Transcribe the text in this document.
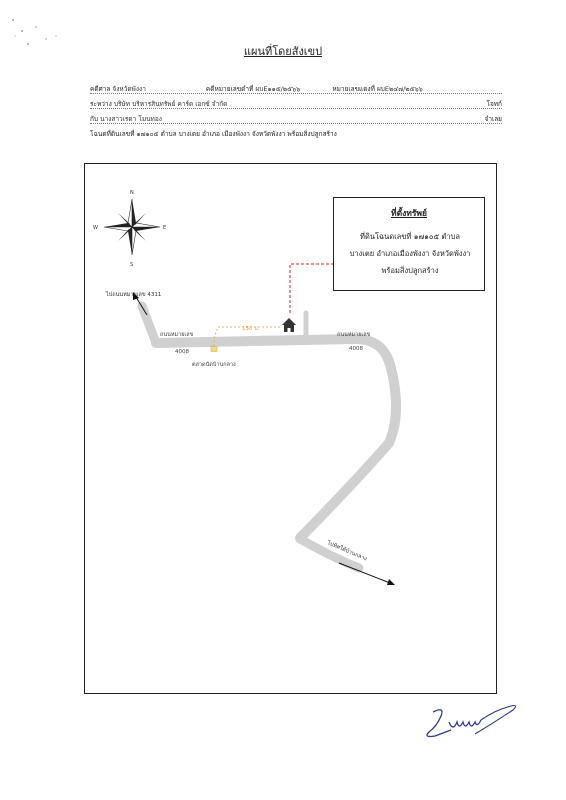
แผนที่โดยสังเขป
คดีศาล จังหวัดพังงา	คดีหมายเลขดำที่ ผบE๑๑๕/๒๕๖๖	หมายเลขแดงที่ ผบE๒๔๗/๒๕๖๖
ระหว่าง บริษัท บริหารสินทรัพย์ คาร์ด เอกซ์ จำกัด	โจทก์
กับ นางสาวเรดา โมนทอง	จำเลย
โฉนดที่ดินเลขที่ ๑๗๑๐๕ ตำบล บางเตย อำเภอ เมืองพังงา จังหวัดพังงา พร้อมสิ่งปลูกสร้าง
N
S
E
W
ไปถนนหมายเลข 4311
ถนนหมายเลข
4008
ถนนหมายเลข
4008
ตลาดนัดบ้านกลาง
150 ม.
ไปทิศใต้บ้านกลาง
ที่ตั้งทรัพย์
ที่ดินโฉนดเลขที่ ๑๗๑๐๕ ตำบล
บางเตย อำเภอเมืองพังงา จังหวัดพังงา
พร้อมสิ่งปลูกสร้าง
